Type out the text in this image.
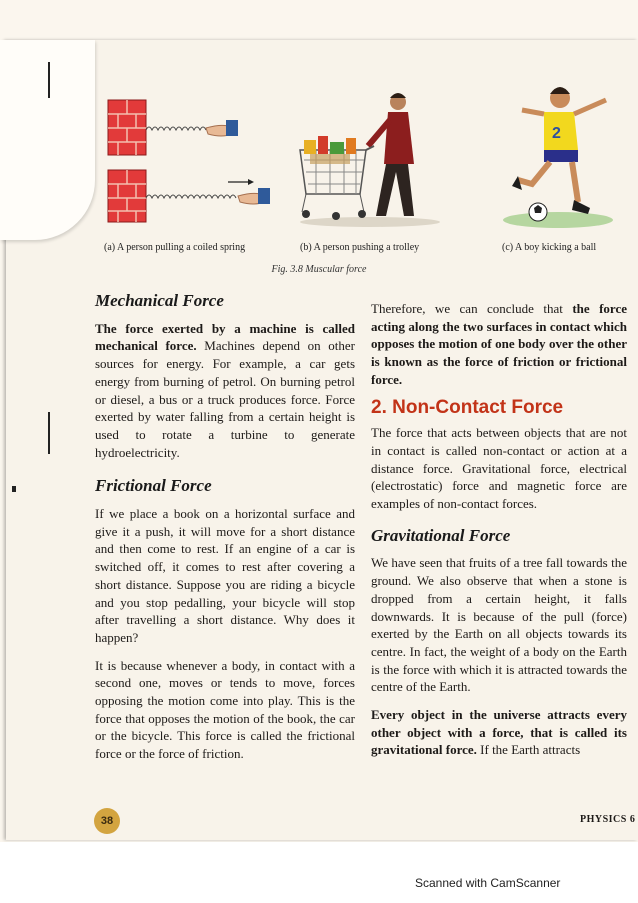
2
(a) A person pulling a coiled spring	(b) A person pushing a trolley	(c) A boy kicking a ball
Fig. 3.8 Muscular force
Mechanical Force

The force exerted by a machine is called mechanical force. Machines depend on other sources for energy. For example, a car gets energy from burning of petrol. On burning petrol or diesel, a bus or a truck produces force. Force exerted by water falling from a certain height is used to rotate a turbine to generate hydroelectricity.

Frictional Force

If we place a book on a horizontal surface and give it a push, it will move for a short distance and then come to rest. If an engine of a car is switched off, it comes to rest after covering a short distance. Suppose you are riding a bicycle and you stop pedalling, your bicycle will stop after travelling a short distance. Why does it happen?

It is because whenever a body, in contact with a second one, moves or tends to move, forces opposing the motion come into play. This is the force that opposes the motion of the book, the car or the bicycle. This force is called the frictional force or the force of friction.

Therefore, we can conclude that the force acting along the two surfaces in contact which opposes the motion of one body over the other is known as the force of friction or frictional force.

2. Non-Contact Force

The force that acts between objects that are not in contact is called non-contact or action at a distance force. Gravitational force, electrical (electrostatic) force and magnetic force are examples of non-contact forces.

Gravitational Force

We have seen that fruits of a tree fall towards the ground. We also observe that when a stone is dropped from a certain height, it falls downwards. It is because of the pull (force) exerted by the Earth on all objects towards its centre. In fact, the weight of a body on the Earth is the force with which it is attracted towards the centre of the Earth.

Every object in the universe attracts every other object with a force, that is called its gravitational force. If the Earth attracts

38	PHYSICS 6
Scanned with CamScanner
